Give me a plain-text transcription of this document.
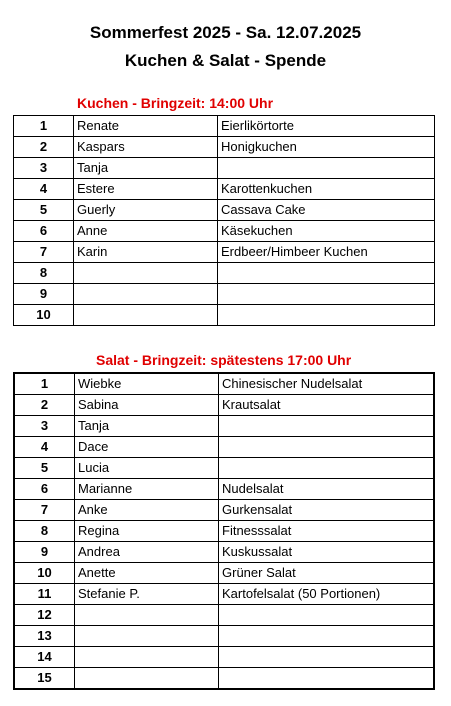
Sommerfest 2025 - Sa. 12.07.2025
Kuchen & Salat - Spende
Kuchen - Bringzeit: 14:00 Uhr
1	Renate	Eierlikörtorte
2	Kaspars	Honigkuchen
3	Tanja	
4	Estere	Karottenkuchen
5	Guerly	Cassava Cake
6	Anne	Käsekuchen
7	Karin	Erdbeer/Himbeer Kuchen
8		
9		
10		
Salat - Bringzeit: spätestens 17:00 Uhr
1	Wiebke	Chinesischer Nudelsalat
2	Sabina	Krautsalat
3	Tanja	
4	Dace	
5	Lucia	
6	Marianne	Nudelsalat
7	Anke	Gurkensalat
8	Regina	Fitnesssalat
9	Andrea	Kuskussalat
10	Anette	Grüner Salat
11	Stefanie P.	Kartofelsalat (50 Portionen)
12		
13		
14		
15		
